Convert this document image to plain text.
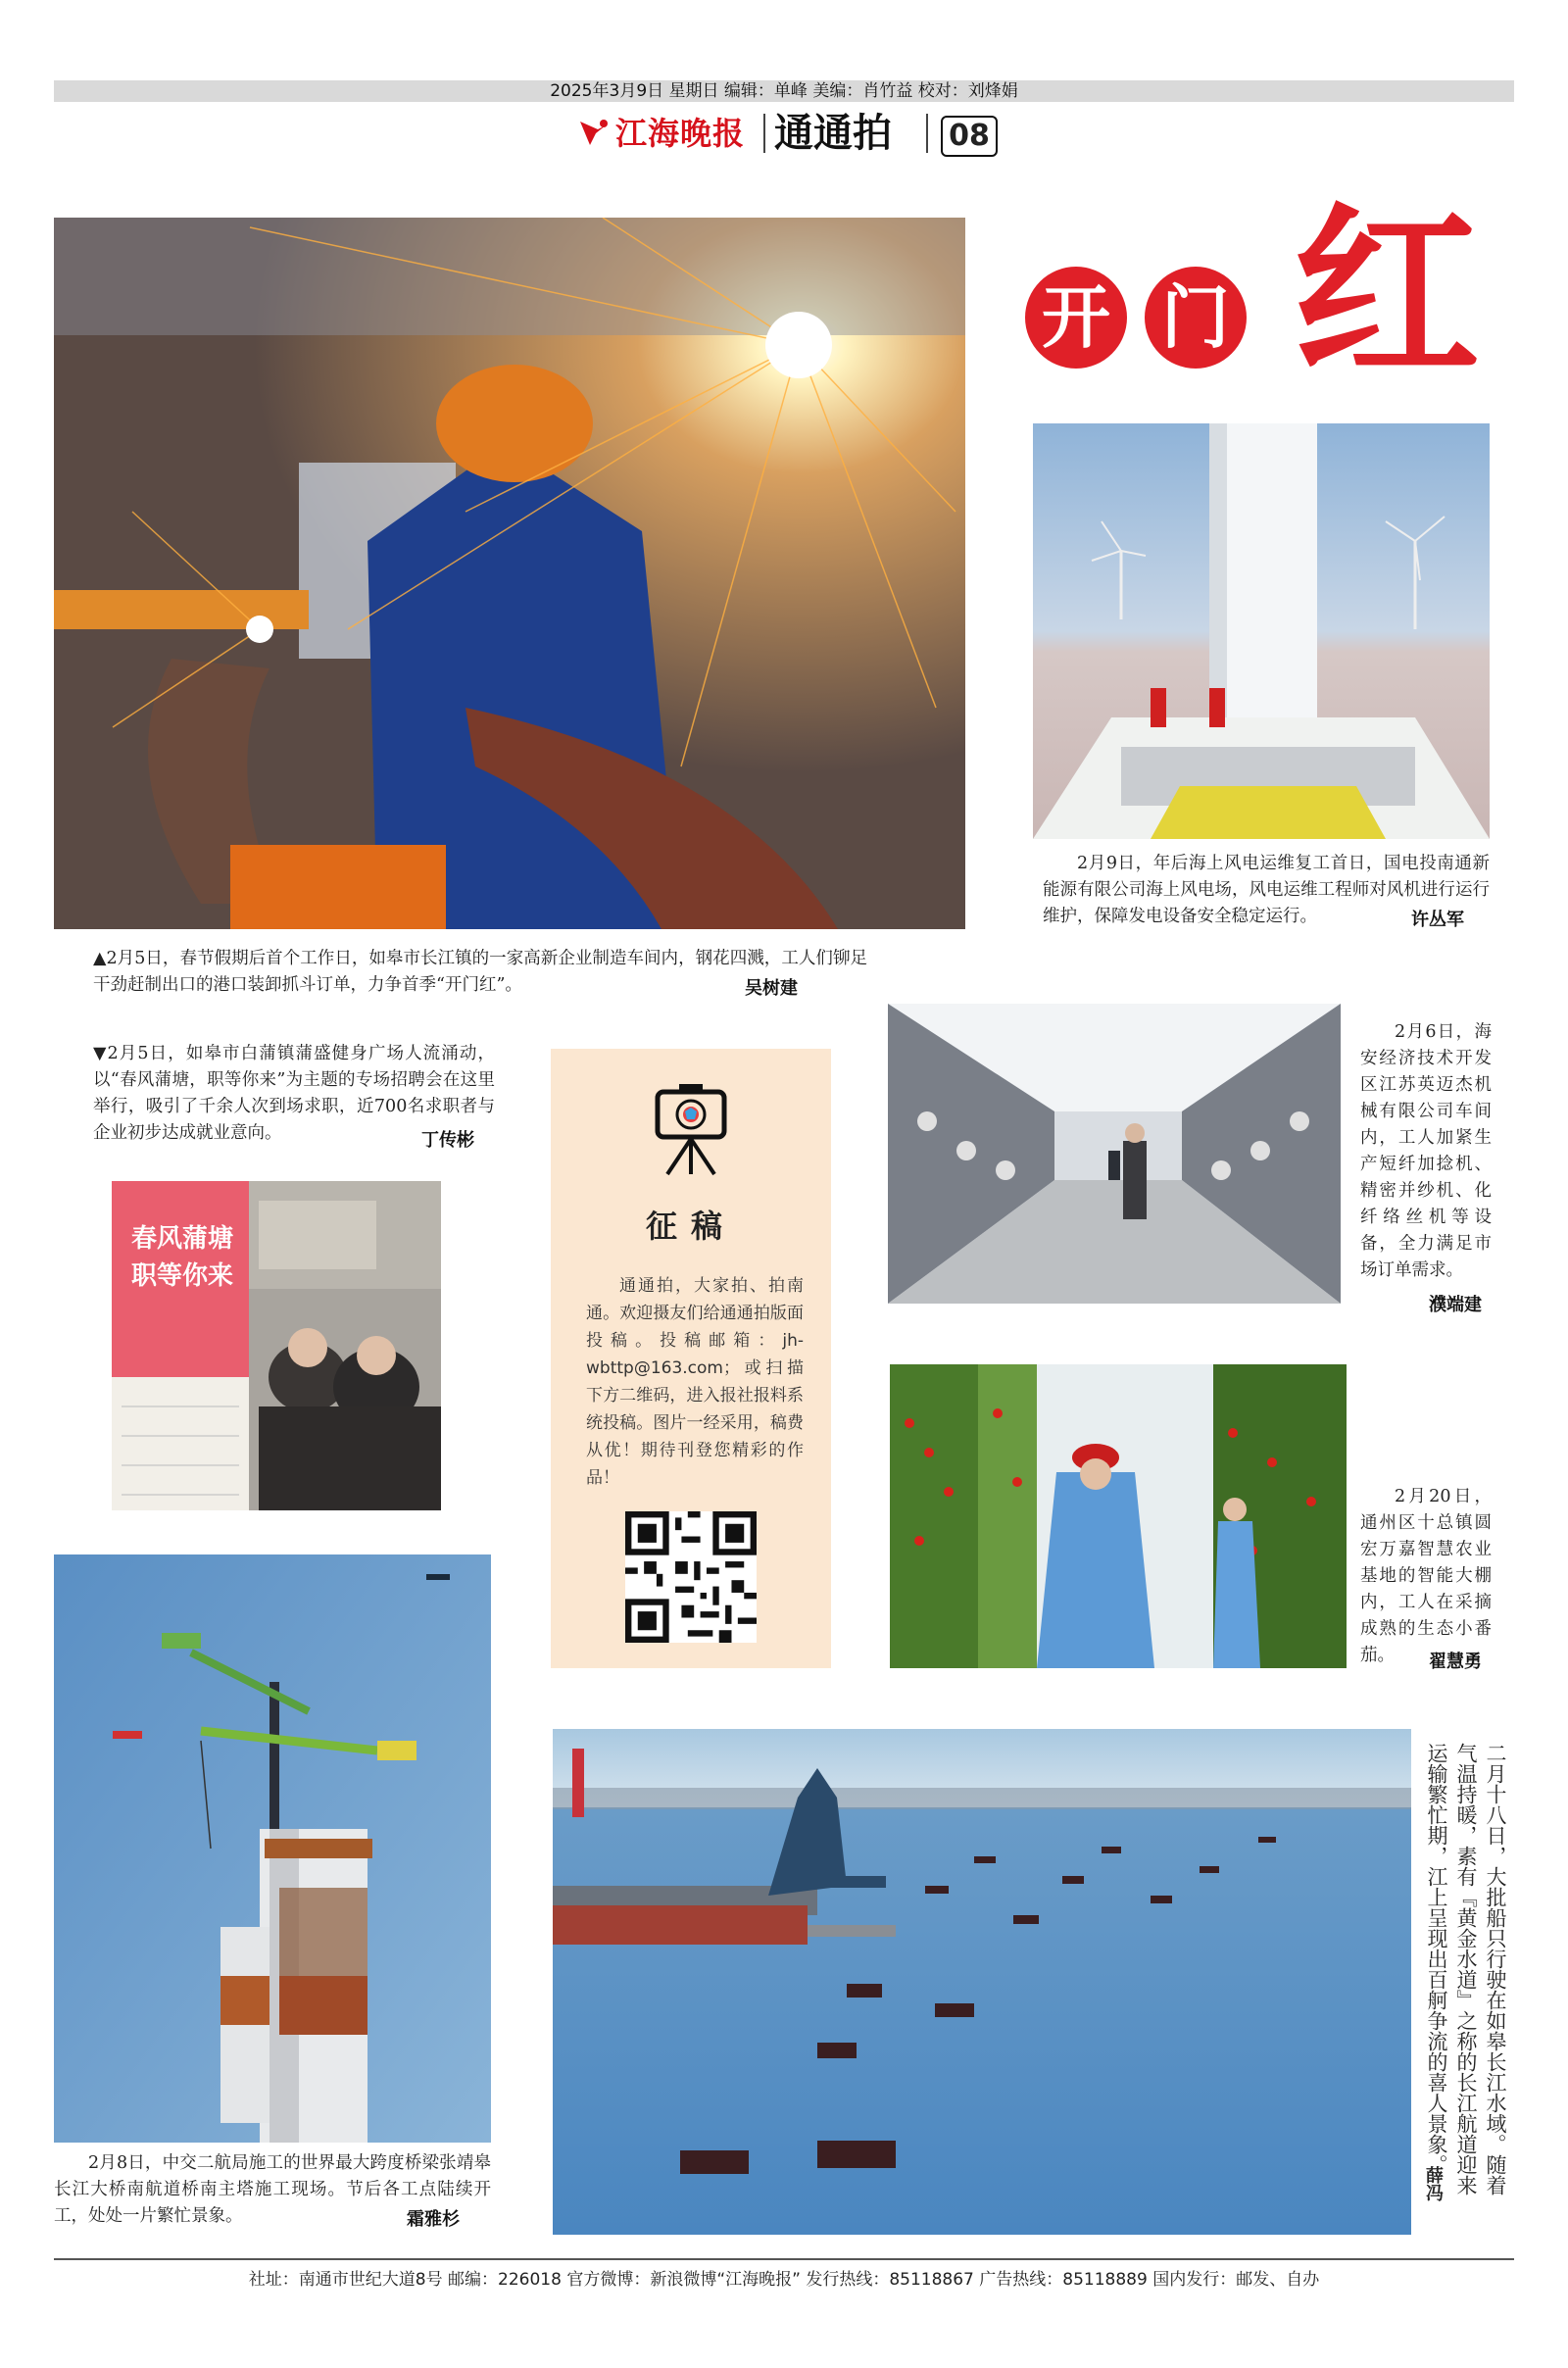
2025年3月9日 星期日 编辑：单峰 美编：肖竹益 校对：刘烽娟
江海晚报 通通拍 08
▲2月5日，春节假期后首个工作日，如皋市长江镇的一家高新企业制造车间内，钢花四溅，工人们铆足干劲赶制出口的港口装卸抓斗订单，力争首季“开门红”。	吴树建
开 门 红
2月9日，年后海上风电运维复工首日，国电投南通新能源有限公司海上风电场，风电运维工程师对风机进行运行维护，保障发电设备安全稳定运行。	许丛军
▼2月5日，如皋市白蒲镇蒲盛健身广场人流涌动，以“春风蒲塘，职等你来”为主题的专场招聘会在这里举行，吸引了千余人次到场求职，近700名求职者与企业初步达成就业意向。	丁传彬
春风蒲塘
职等你来
征稿
通通拍，大家拍、拍南通。欢迎摄友们给通通拍版面投稿。投稿邮箱：jh-wbttp@163.com；或扫描下方二维码，进入报社报料系统投稿。图片一经采用，稿费从优！期待刊登您精彩的作品！
2月6日，海安经济技术开发区江苏英迈杰机械有限公司车间内，工人加紧生产短纤加捻机、精密并纱机、化纤络丝机等设备，全力满足市场订单需求。
濮端建
2月20日，通州区十总镇圆宏万嘉智慧农业基地的智能大棚内，工人在采摘成熟的生态小番茄。	翟慧勇
2月8日，中交二航局施工的世界最大跨度桥梁张靖皋长江大桥南航道桥南主塔施工现场。节后各工点陆续开工，处处一片繁忙景象。	霜雅杉
二月十八日，大批船只行驶在如皋长江水域。随着气温持暖，素有『黄金水道』之称的长江航道迎来运输繁忙期，江上呈现出百舸争流的喜人景象。
薛冯
社址：南通市世纪大道8号 邮编：226018 官方微博：新浪微博“江海晚报” 发行热线：85118867 广告热线：85118889 国内发行：邮发、自办
